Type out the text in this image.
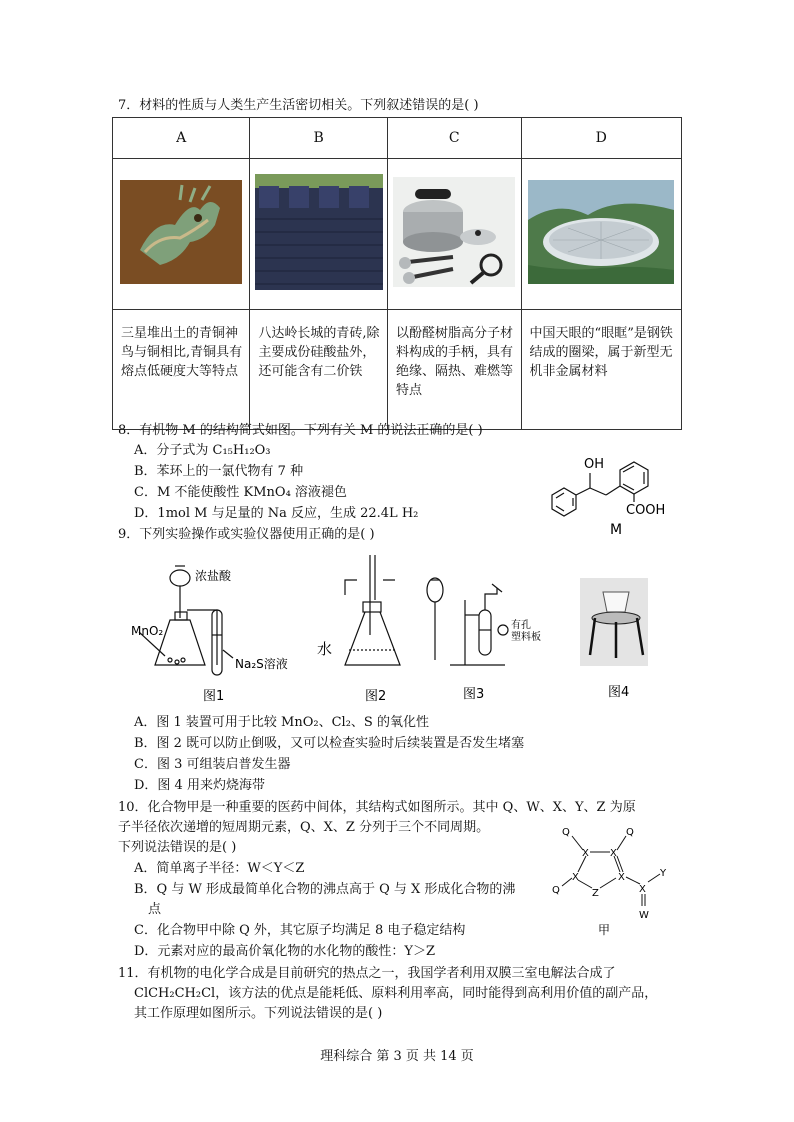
7．材料的性质与人类生产生活密切相关。下列叙述错误的是( )
A	B	C	D

三星堆出土的青铜神鸟与铜相比,青铜具有熔点低硬度大等特点	八达岭长城的青砖,除主要成份硅酸盐外，还可能含有二价铁	以酚醛树脂高分子材料构成的手柄，具有绝缘、隔热、难燃等特点	中国天眼的“眼眶”是钢铁结成的圈梁，属于新型无机非金属材料
8．有机物 M 的结构简式如图。下列有关 M 的说法正确的是( )
A．分子式为 C₁₅H₁₂O₃
B．苯环上的一氯代物有 7 种
C．M 不能使酸性 KMnO₄ 溶液褪色
D．1mol M 与足量的 Na 反应，生成 22.4L H₂
OH
COOH
M
9．下列实验操作或实验仪器使用正确的是( )
浓盐酸
MnO₂
Na₂S溶液
图1
水
图2
有孔
塑料板
图3	图4
A．图 1 装置可用于比较 MnO₂、Cl₂、S 的氧化性
B．图 2 既可以防止倒吸，又可以检查实验时后续装置是否发生堵塞
C．图 3 可组装启普发生器
D．图 4 用来灼烧海带
10．化合物甲是一种重要的医药中间体，其结构式如图所示。其中 Q、W、X、Y、Z 为原
子半径依次递增的短周期元素，Q、X、Z 分列于三个不同周期。
下列说法错误的是( )
A．简单离子半径：W＜Y＜Z
B．Q 与 W 形成最简单化合物的沸点高于 Q 与 X 形成化合物的沸
点
C．化合物甲中除 Q 外，其它原子均满足 8 电子稳定结构
D．元素对应的最高价氧化物的水化物的酸性：Y＞Z
Q	Q
X X
X	X
Z
Q	X
Y
W
甲
11．有机物的电化学合成是目前研究的热点之一，我国学者利用双膜三室电解法合成了
ClCH₂CH₂Cl，该方法的优点是能耗低、原料利用率高，同时能得到高利用价值的副产品，
其工作原理如图所示。下列说法错误的是( )
理科综合 第 3 页 共 14 页
